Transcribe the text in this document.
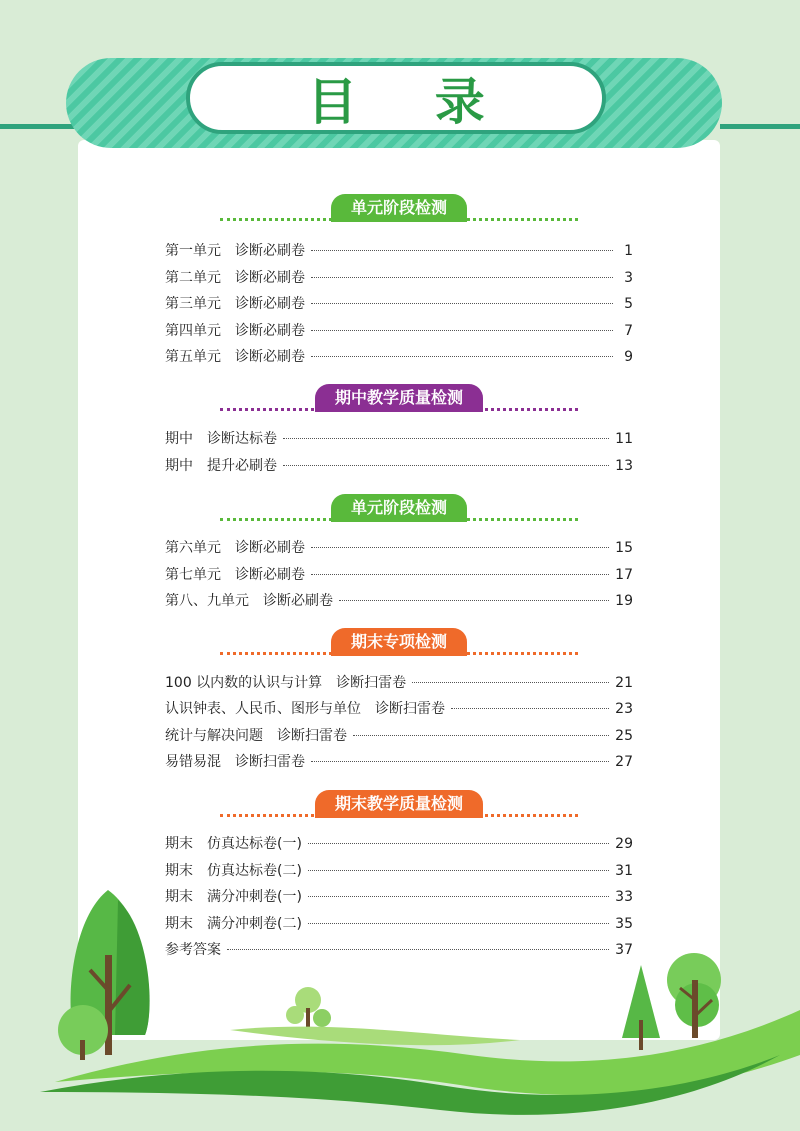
目 录
单元阶段检测
第一单元　诊断必刷卷	1
第二单元　诊断必刷卷	3
第三单元　诊断必刷卷	5
第四单元　诊断必刷卷	7
第五单元　诊断必刷卷	9
期中教学质量检测
期中　诊断达标卷	11
期中　提升必刷卷	13
单元阶段检测
第六单元　诊断必刷卷	15
第七单元　诊断必刷卷	17
第八、九单元　诊断必刷卷	19
期末专项检测
100 以内数的认识与计算　诊断扫雷卷	21
认识钟表、人民币、图形与单位　诊断扫雷卷	23
统计与解决问题　诊断扫雷卷	25
易错易混　诊断扫雷卷	27
期末教学质量检测
期末　仿真达标卷(一)	29
期末　仿真达标卷(二)	31
期末　满分冲刺卷(一)	33
期末　满分冲刺卷(二)	35
参考答案	37
